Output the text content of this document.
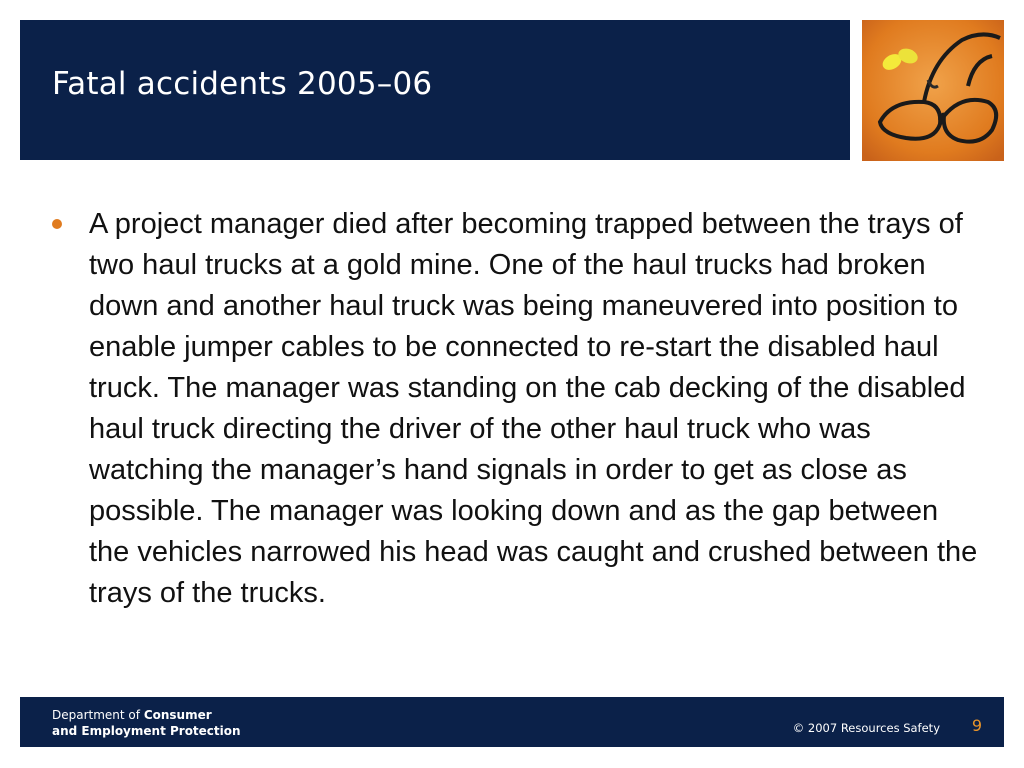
Fatal accidents 2005–06

A project manager died after becoming trapped between the trays of two haul trucks at a gold mine. One of the haul trucks had broken down and another haul truck was being maneuvered into position to enable jumper cables to be connected to re-start the disabled haul truck. The manager was standing on the cab decking of the disabled haul truck directing the driver of the other haul truck who was watching the manager’s hand signals in order to get as close as possible. The manager was looking down and as the gap between the vehicles narrowed his head was caught and crushed between the trays of the trucks.

Department of Consumer
and Employment Protection	© 2007 Resources Safety 9
